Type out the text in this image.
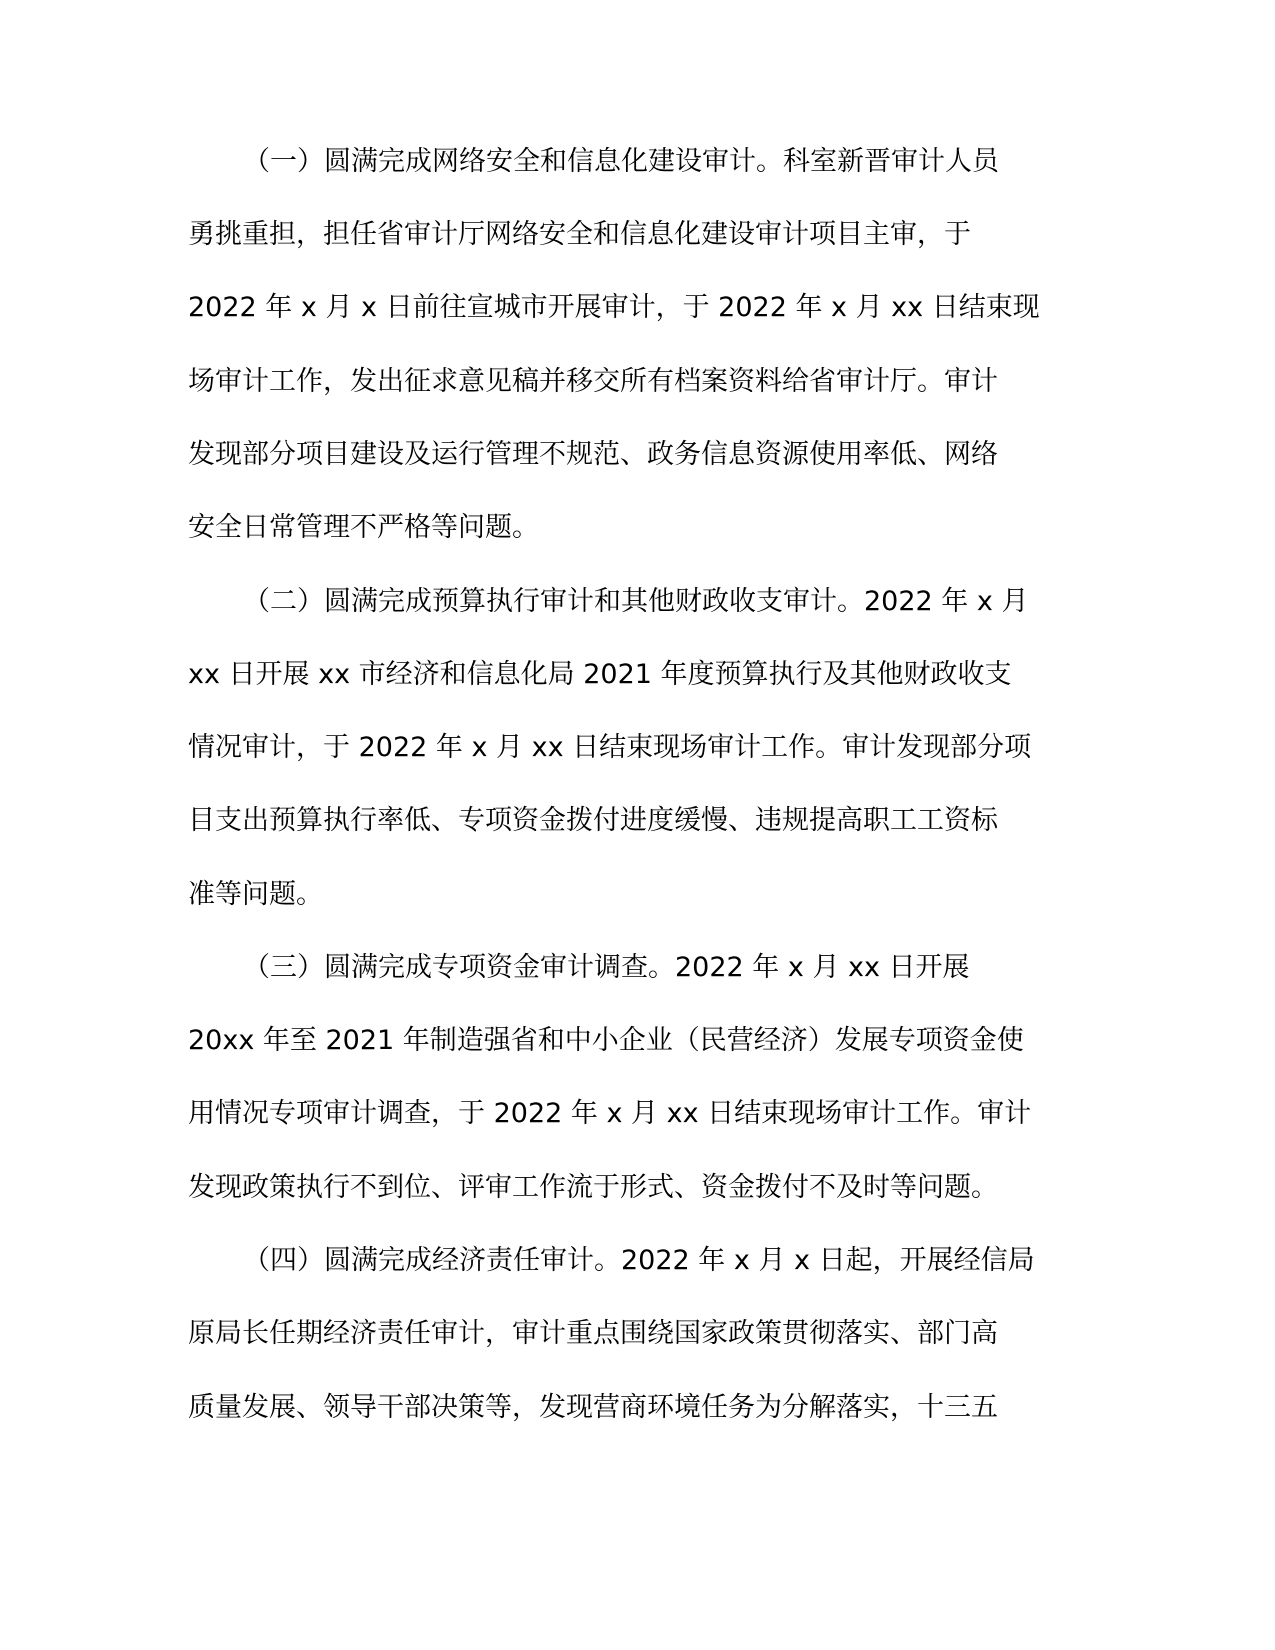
（一）圆满完成网络安全和信息化建设审计。科室新晋审计人员
勇挑重担，担任省审计厅网络安全和信息化建设审计项目主审，于
2022 年 x 月 x 日前往宣城市开展审计，于 2022 年 x 月 xx 日结束现
场审计工作，发出征求意见稿并移交所有档案资料给省审计厅。审计
发现部分项目建设及运行管理不规范、政务信息资源使用率低、网络
安全日常管理不严格等问题。
（二）圆满完成预算执行审计和其他财政收支审计。2022 年 x 月
xx 日开展 xx 市经济和信息化局 2021 年度预算执行及其他财政收支
情况审计，于 2022 年 x 月 xx 日结束现场审计工作。审计发现部分项
目支出预算执行率低、专项资金拨付进度缓慢、违规提高职工工资标
准等问题。
（三）圆满完成专项资金审计调查。2022 年 x 月 xx 日开展
20xx 年至 2021 年制造强省和中小企业（民营经济）发展专项资金使
用情况专项审计调查，于 2022 年 x 月 xx 日结束现场审计工作。审计
发现政策执行不到位、评审工作流于形式、资金拨付不及时等问题。
（四）圆满完成经济责任审计。2022 年 x 月 x 日起，开展经信局
原局长任期经济责任审计，审计重点围绕国家政策贯彻落实、部门高
质量发展、领导干部决策等，发现营商环境任务为分解落实，十三五
